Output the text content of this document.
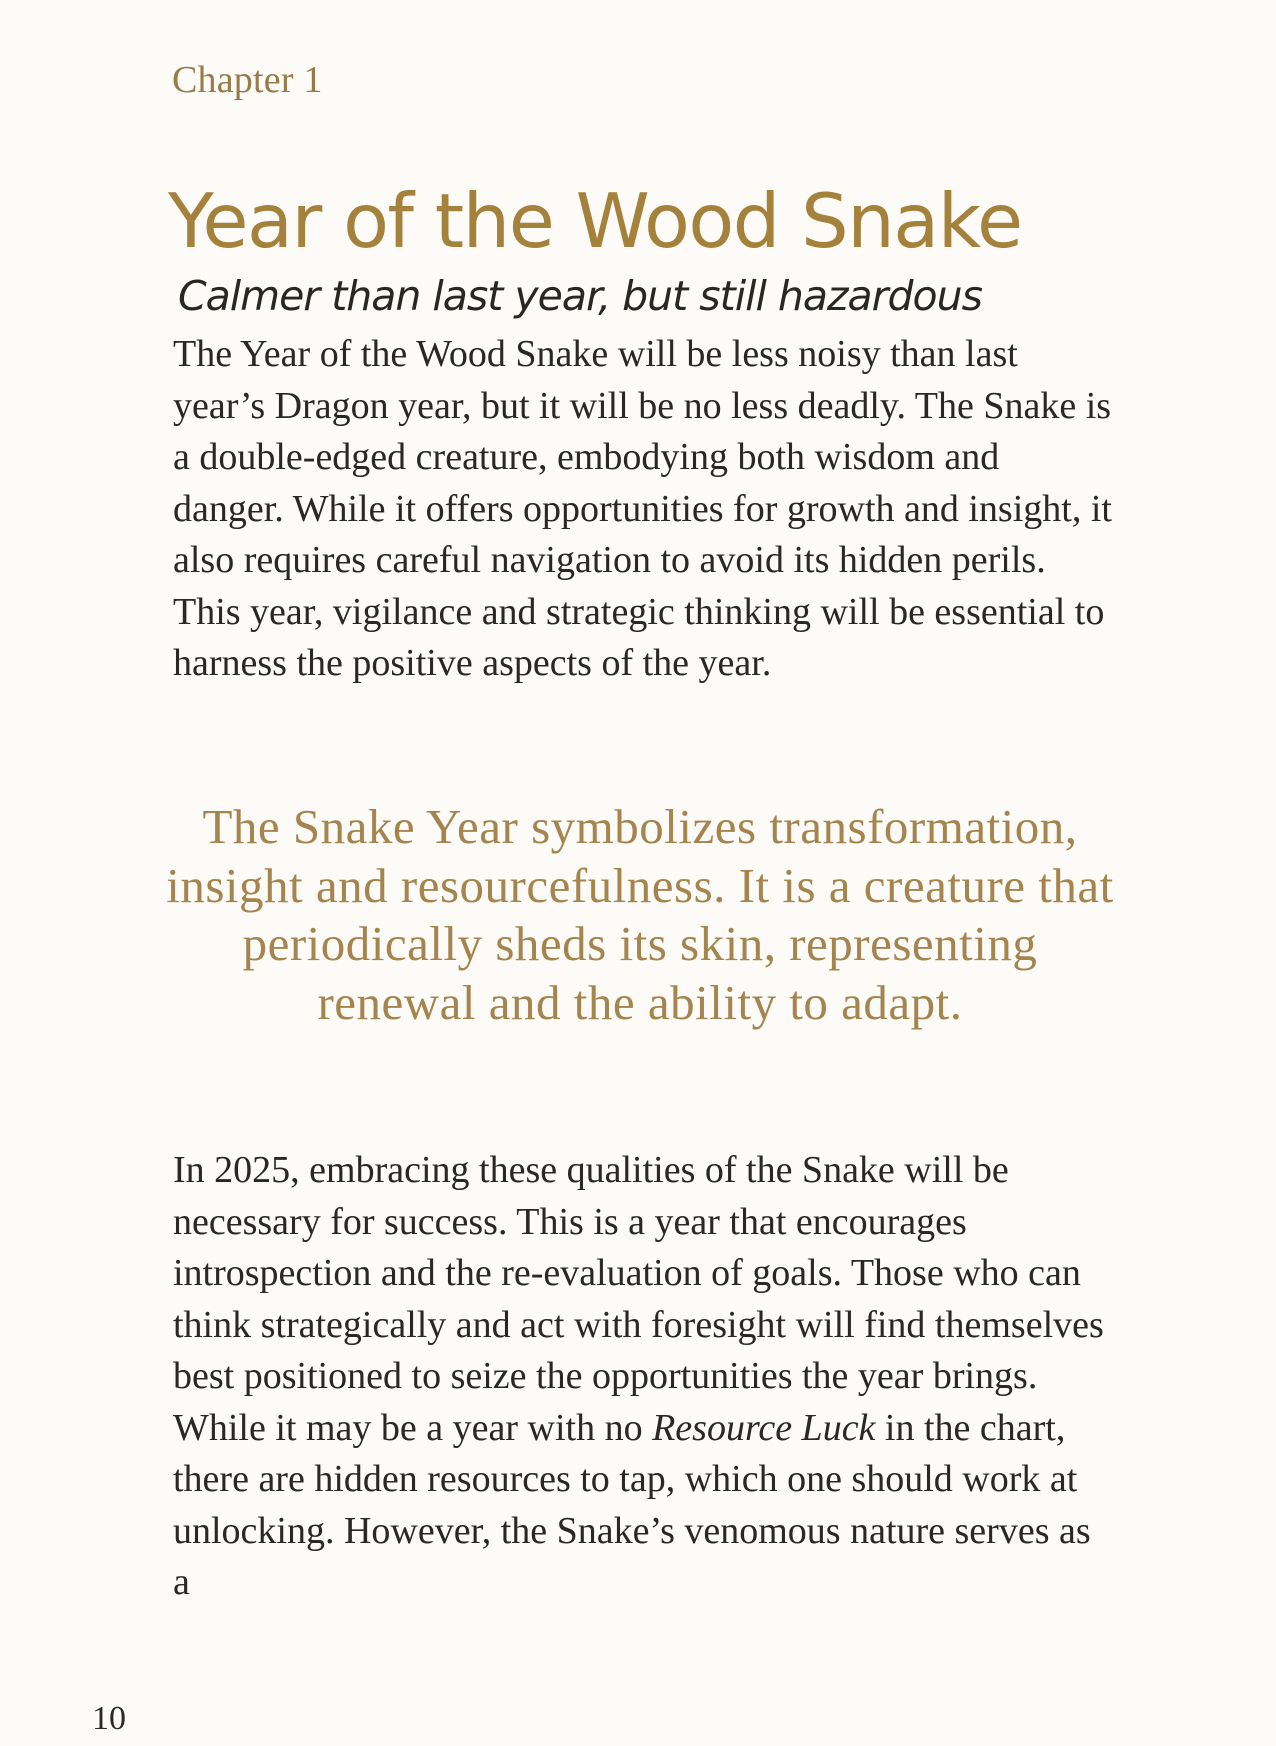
Chapter 1
Year of the Wood Snake
Calmer than last year, but still hazardous

The Year of the Wood Snake will be less noisy than last year’s Dragon year, but it will be no less deadly. The Snake is a double-edged creature, embodying both wisdom and danger. While it offers opportunities for growth and insight, it also requires careful navigation to avoid its hidden perils. This year, vigilance and strategic thinking will be essential to harness the positive aspects of the year.

The Snake Year symbolizes transformation, insight and resourcefulness. It is a creature that periodically sheds its skin, representing renewal and the ability to adapt.

In 2025, embracing these qualities of the Snake will be necessary for success. This is a year that encourages introspection and the re-evaluation of goals. Those who can think strategically and act with foresight will find themselves best positioned to seize the opportunities the year brings. While it may be a year with no Resource Luck in the chart, there are hidden resources to tap, which one should work at unlocking. However, the Snake’s venomous nature serves as a

10
